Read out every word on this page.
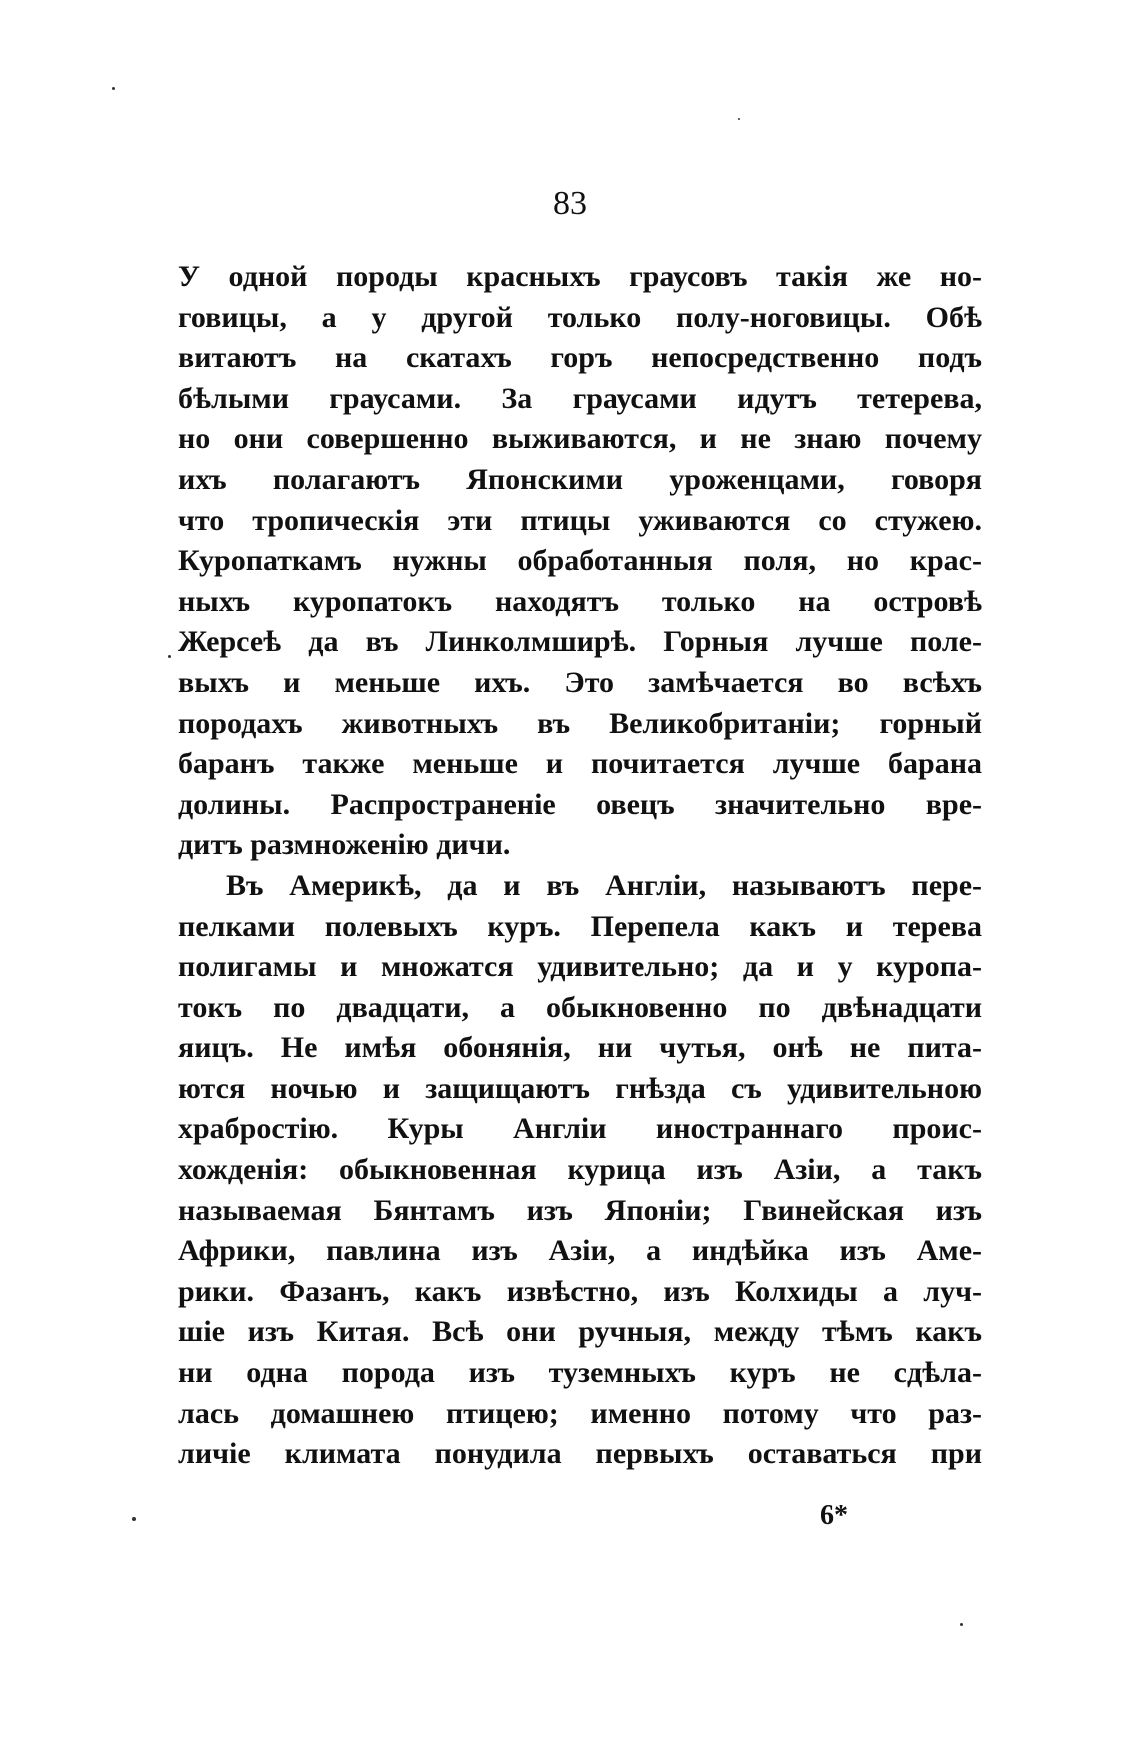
83
У одной породы красныхъ граусовъ такія же но-
говицы, а у другой только полу-ноговицы. Обѣ
витаютъ на скатахъ горъ непосредственно подъ
бѣлыми граусами. За граусами идутъ тетерева,
но они совершенно выживаются, и не знаю почему
ихъ полагаютъ Японскими уроженцами, говоря
что тропическія эти птицы уживаются со стужею.
Куропаткамъ нужны обработанныя поля, но крас-
ныхъ куропатокъ находятъ только на островѣ
Жерсеѣ да въ Линколмширѣ. Горныя лучше поле-
выхъ и меньше ихъ. Это замѣчается во всѣхъ
породахъ животныхъ въ Великобританіи; горный
баранъ также меньше и почитается лучше барана
долины. Распространеніе овецъ значительно вре-
дитъ размноженію дичи.
Въ Америкѣ, да и въ Англіи, называютъ пере-
пелками полевыхъ куръ. Перепела какъ и терева
полигамы и множатся удивительно; да и у куропа-
токъ по двадцати, а обыкновенно по двѣнадцати
яицъ. Не имѣя обонянія, ни чутья, онѣ не пита-
ются ночью и защищаютъ гнѣзда съ удивительною
храбростію. Куры Англіи иностраннаго проис-
хожденія: обыкновенная курица изъ Азіи, а такъ
называемая Бянтамъ изъ Японіи; Гвинейская изъ
Африки, павлина изъ Азіи, а индѣйка изъ Аме-
рики. Фазанъ, какъ извѣстно, изъ Колхиды а луч-
шіе изъ Китая. Всѣ они ручныя, между тѣмъ какъ
ни одна порода изъ туземныхъ куръ не сдѣла-
лась домашнею птицею; именно потому что раз-
личіе климата понудила первыхъ оставаться при
6*
